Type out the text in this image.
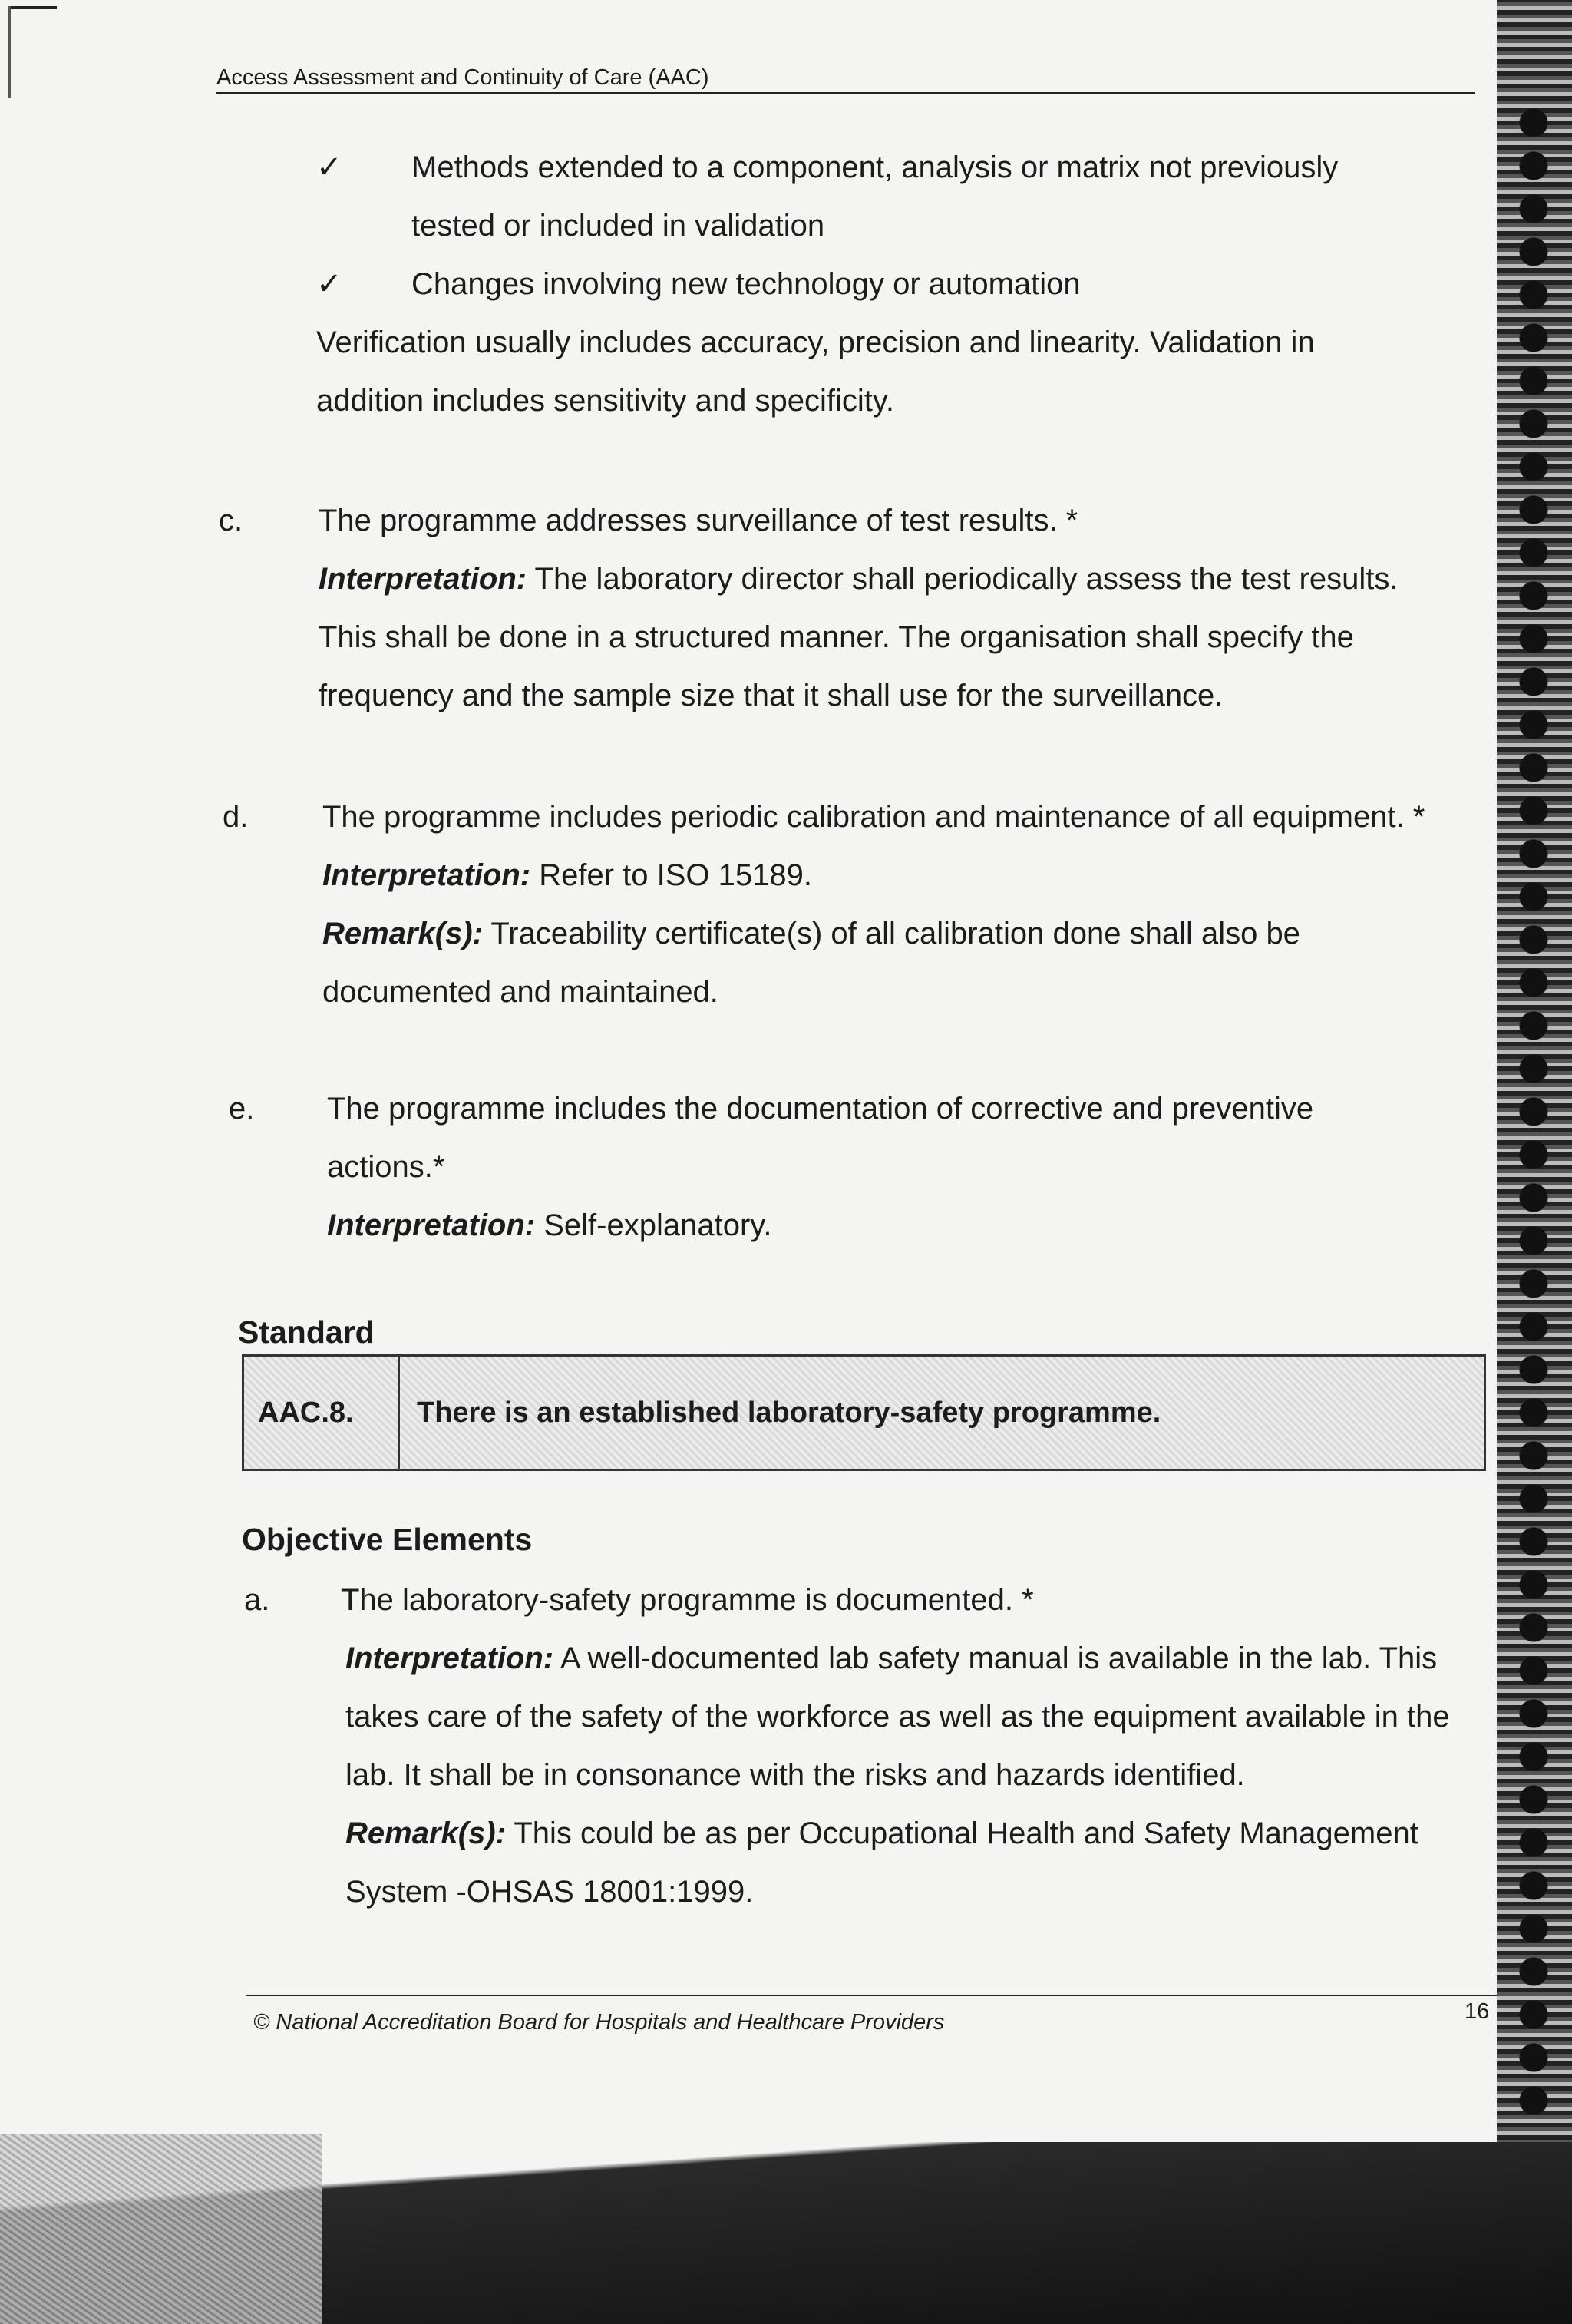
Access Assessment and Continuity of Care (AAC)
✓ Methods extended to a component, analysis or matrix not previously
tested or included in validation
✓ Changes involving new technology or automation
Verification usually includes accuracy, precision and linearity. Validation in
addition includes sensitivity and specificity.
c. The programme addresses surveillance of test results. *
Interpretation: The laboratory director shall periodically assess the test results.
This shall be done in a structured manner. The organisation shall specify the
frequency and the sample size that it shall use for the surveillance.
d. The programme includes periodic calibration and maintenance of all equipment. *
Interpretation: Refer to ISO 15189.
Remark(s): Traceability certificate(s) of all calibration done shall also be
documented and maintained.
e. The programme includes the documentation of corrective and preventive
actions.*
Interpretation: Self-explanatory.
Standard
AAC.8.	There is an established laboratory-safety programme.
Objective Elements
a. The laboratory-safety programme is documented. *
Interpretation: A well-documented lab safety manual is available in the lab. This
takes care of the safety of the workforce as well as the equipment available in the
lab. It shall be in consonance with the risks and hazards identified.
Remark(s): This could be as per Occupational Health and Safety Management
System -OHSAS 18001:1999.
© National Accreditation Board for Hospitals and Healthcare Providers	16
